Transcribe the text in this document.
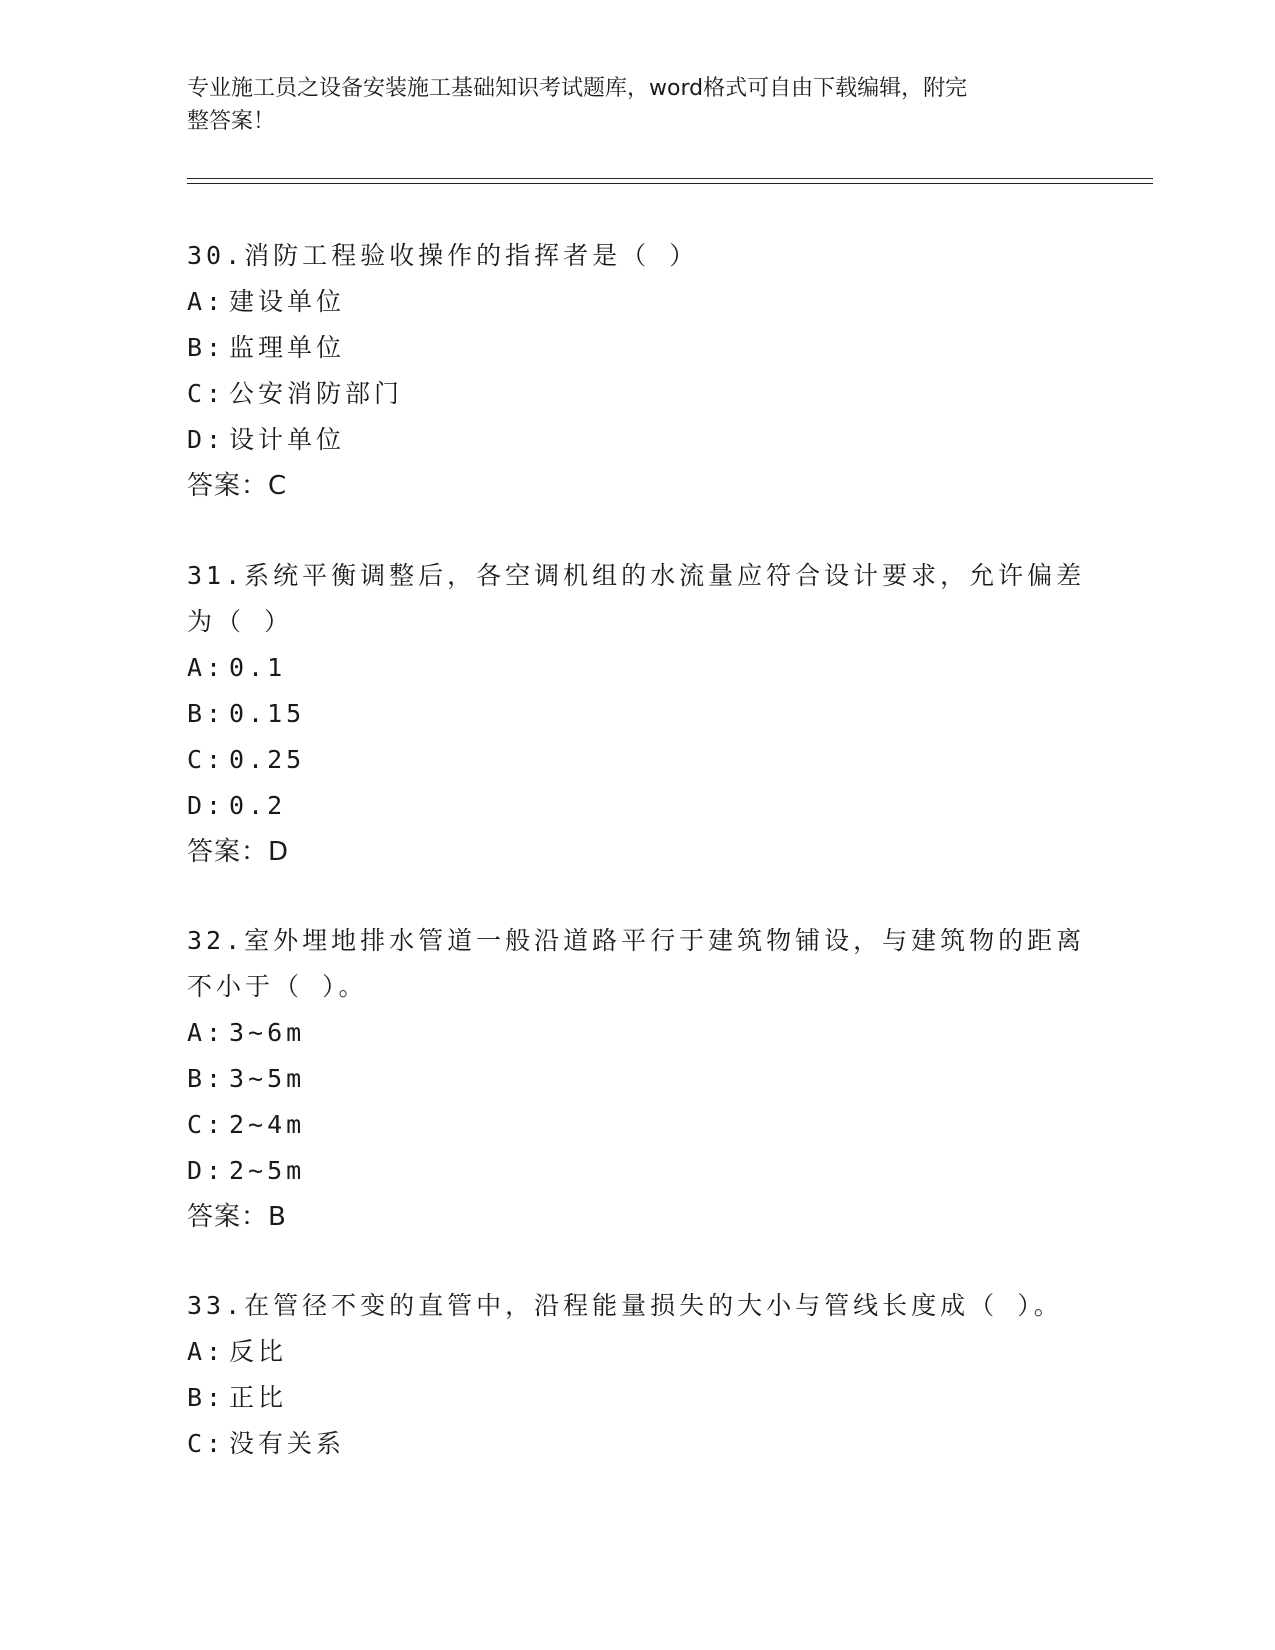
专业施工员之设备安装施工基础知识考试题库，word格式可自由下载编辑，附完
整答案！
30.消防工程验收操作的指挥者是（ ）
A: 建设单位
B: 监理单位
C: 公安消防部门
D: 设计单位
答案：C
31.系统平衡调整后，各空调机组的水流量应符合设计要求，允许偏差
为（ ）
A: 0.1
B: 0.15
C: 0.25
D: 0.2
答案：D
32.室外埋地排水管道一般沿道路平行于建筑物铺设，与建筑物的距离
不小于（ ）。
A: 3~6m
B: 3~5m
C: 2~4m
D: 2~5m
答案：B
33.在管径不变的直管中，沿程能量损失的大小与管线长度成（ ）。
A: 反比
B: 正比
C: 没有关系
